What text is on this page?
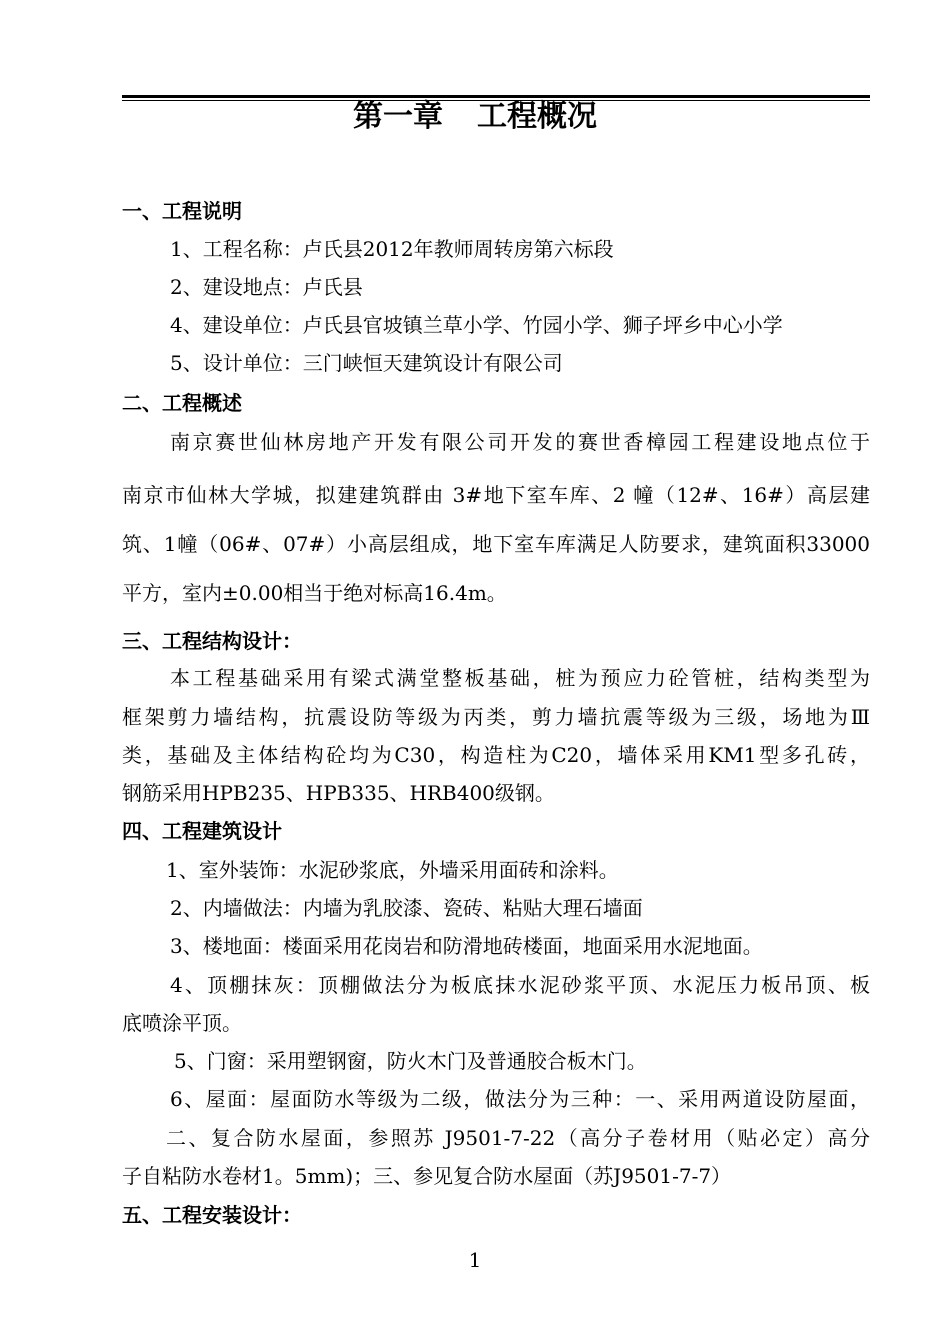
第一章 工程概况
一、工程说明
1、工程名称：卢氏县2012年教师周转房第六标段
2、建设地点：卢氏县
4、建设单位：卢氏县官坡镇兰草小学、竹园小学、狮子坪乡中心小学
5、设计单位：三门峡恒天建筑设计有限公司
二、工程概述
南京赛世仙林房地产开发有限公司开发的赛世香樟园工程建设地点位于
南京市仙林大学城，拟建建筑群由 3#地下室车库、2 幢（12#、16#）高层建
筑、1幢（06#、07#）小高层组成，地下室车库满足人防要求，建筑面积33000
平方，室内±0.00相当于绝对标高16.4m。
三、工程结构设计：
本工程基础采用有梁式满堂整板基础，桩为预应力砼管桩，结构类型为
框架剪力墙结构，抗震设防等级为丙类，剪力墙抗震等级为三级，场地为Ⅲ
类，基础及主体结构砼均为C30，构造柱为C20，墙体采用KM1型多孔砖，
钢筋采用HPB235、HPB335、HRB400级钢。
四、工程建筑设计
1、室外装饰：水泥砂浆底，外墙采用面砖和涂料。
2、内墙做法：内墙为乳胶漆、瓷砖、粘贴大理石墙面
3、楼地面：楼面采用花岗岩和防滑地砖楼面，地面采用水泥地面。
4、顶棚抹灰：顶棚做法分为板底抹水泥砂浆平顶、水泥压力板吊顶、板
底喷涂平顶。
5、门窗：采用塑钢窗，防火木门及普通胶合板木门。
6、屋面：屋面防水等级为二级，做法分为三种：一、采用两道设防屋面，
二、复合防水屋面，参照苏 J9501-7-22（高分子卷材用（贴必定）高分
子自粘防水卷材1。5mm)；三、参见复合防水屋面（苏J9501-7-7）
五、工程安装设计：
1
